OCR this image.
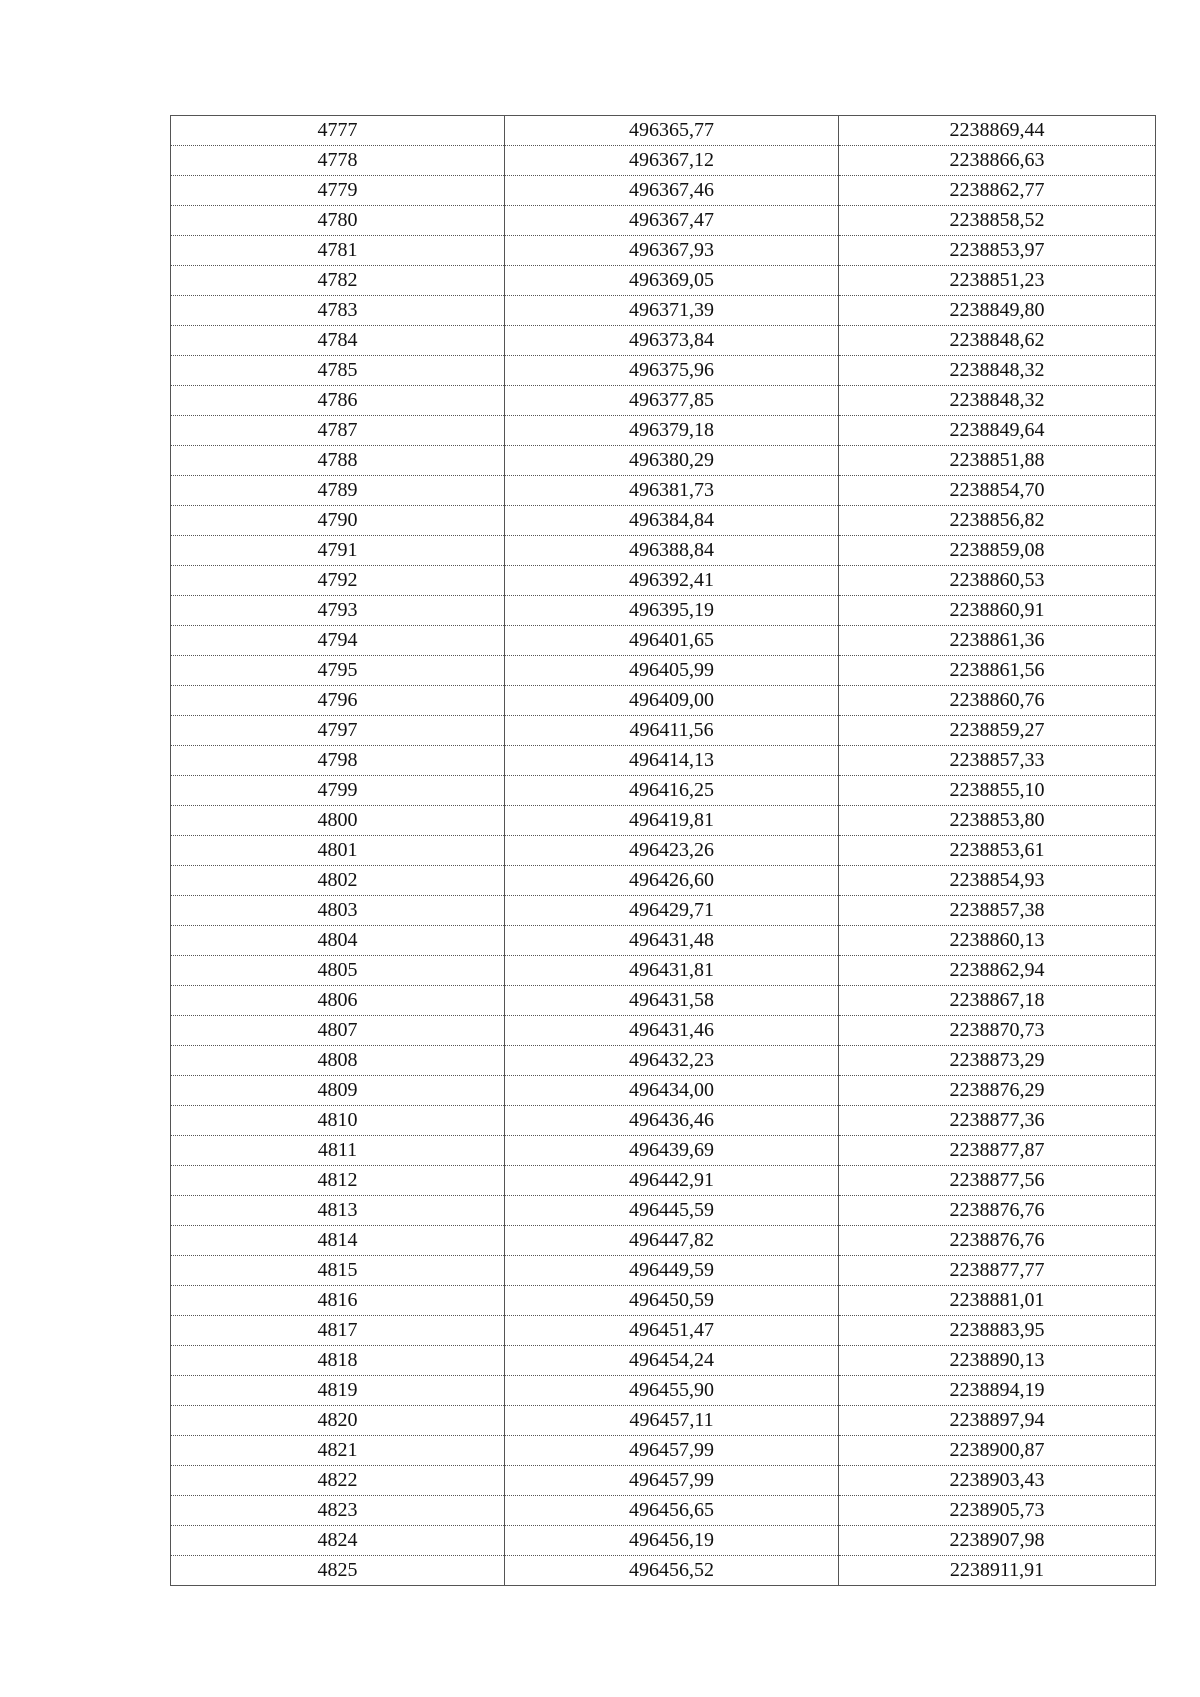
4777	496365,77	2238869,44
4778	496367,12	2238866,63
4779	496367,46	2238862,77
4780	496367,47	2238858,52
4781	496367,93	2238853,97
4782	496369,05	2238851,23
4783	496371,39	2238849,80
4784	496373,84	2238848,62
4785	496375,96	2238848,32
4786	496377,85	2238848,32
4787	496379,18	2238849,64
4788	496380,29	2238851,88
4789	496381,73	2238854,70
4790	496384,84	2238856,82
4791	496388,84	2238859,08
4792	496392,41	2238860,53
4793	496395,19	2238860,91
4794	496401,65	2238861,36
4795	496405,99	2238861,56
4796	496409,00	2238860,76
4797	496411,56	2238859,27
4798	496414,13	2238857,33
4799	496416,25	2238855,10
4800	496419,81	2238853,80
4801	496423,26	2238853,61
4802	496426,60	2238854,93
4803	496429,71	2238857,38
4804	496431,48	2238860,13
4805	496431,81	2238862,94
4806	496431,58	2238867,18
4807	496431,46	2238870,73
4808	496432,23	2238873,29
4809	496434,00	2238876,29
4810	496436,46	2238877,36
4811	496439,69	2238877,87
4812	496442,91	2238877,56
4813	496445,59	2238876,76
4814	496447,82	2238876,76
4815	496449,59	2238877,77
4816	496450,59	2238881,01
4817	496451,47	2238883,95
4818	496454,24	2238890,13
4819	496455,90	2238894,19
4820	496457,11	2238897,94
4821	496457,99	2238900,87
4822	496457,99	2238903,43
4823	496456,65	2238905,73
4824	496456,19	2238907,98
4825	496456,52	2238911,91
